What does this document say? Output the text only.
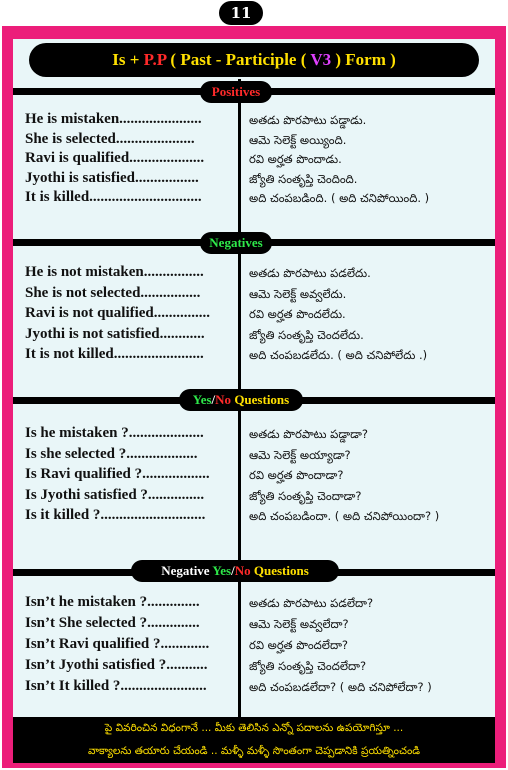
11
Is + P.P ( Past - Participle ( V3 ) Form )
Positives
He is mistaken......................	అతడు పొరపాటు పడ్డాడు.
She is selected.....................	ఆమె సెలెక్ట్ అయ్యింది.
Ravi is qualified....................	రవి అర్హత పొందాడు.
Jyothi is satisfied.................	జ్యోతి సంతృప్తి చెందింది.
It is killed..............................	అది చంపబడింది. ( అది చనిపోయింది. )
Negatives
He is not mistaken................	అతడు పొరపాటు పడలేదు.
She is not selected................	ఆమె సెలెక్ట్ అవ్వలేదు.
Ravi is not qualified...............	రవి అర్హత పొందలేదు.
Jyothi is not satisfied............	జ్యోతి సంతృప్తి చెందలేదు.
It is not killed........................	అది చంపబడలేదు. ( అది చనిపోలేదు .)
Yes/No Questions
Is he mistaken ?....................	అతడు పొరపాటు పడ్డాడా?
Is she selected ?...................	ఆమె సెలెక్ట్ అయ్యాడా?
Is Ravi qualified ?..................	రవి అర్హత పొందాడా?
Is Jyothi satisfied ?...............	జ్యోతి సంతృప్తి చెందాడా?
Is it killed ?............................	అది చంపబడిందా. ( అది చనిపోయిందా? )
Negative Yes/No Questions
Isn’t he mistaken ?..............	అతడు పొరపాటు పడలేదా?
Isn’t She selected ?..............	ఆమె సెలెక్ట్ అవ్వలేదా?
Isn’t Ravi qualified ?.............	రవి అర్హత పొందలేదా?
Isn’t Jyothi satisfied ?...........	జ్యోతి సంతృప్తి చెందలేదా?
Isn’t It killed ?.......................	అది చంపబడలేదా? ( అది చనిపోలేదా? )
పై వివరించిన విధంగానే ... మీకు తెలిసిన ఎన్నో పదాలను ఉపయోగిస్తూ ...
వాక్యాలను తయారు చేయండి .. మళ్ళీ మళ్ళీ సొంతంగా చెప్పడానికి ప్రయత్నించండి
